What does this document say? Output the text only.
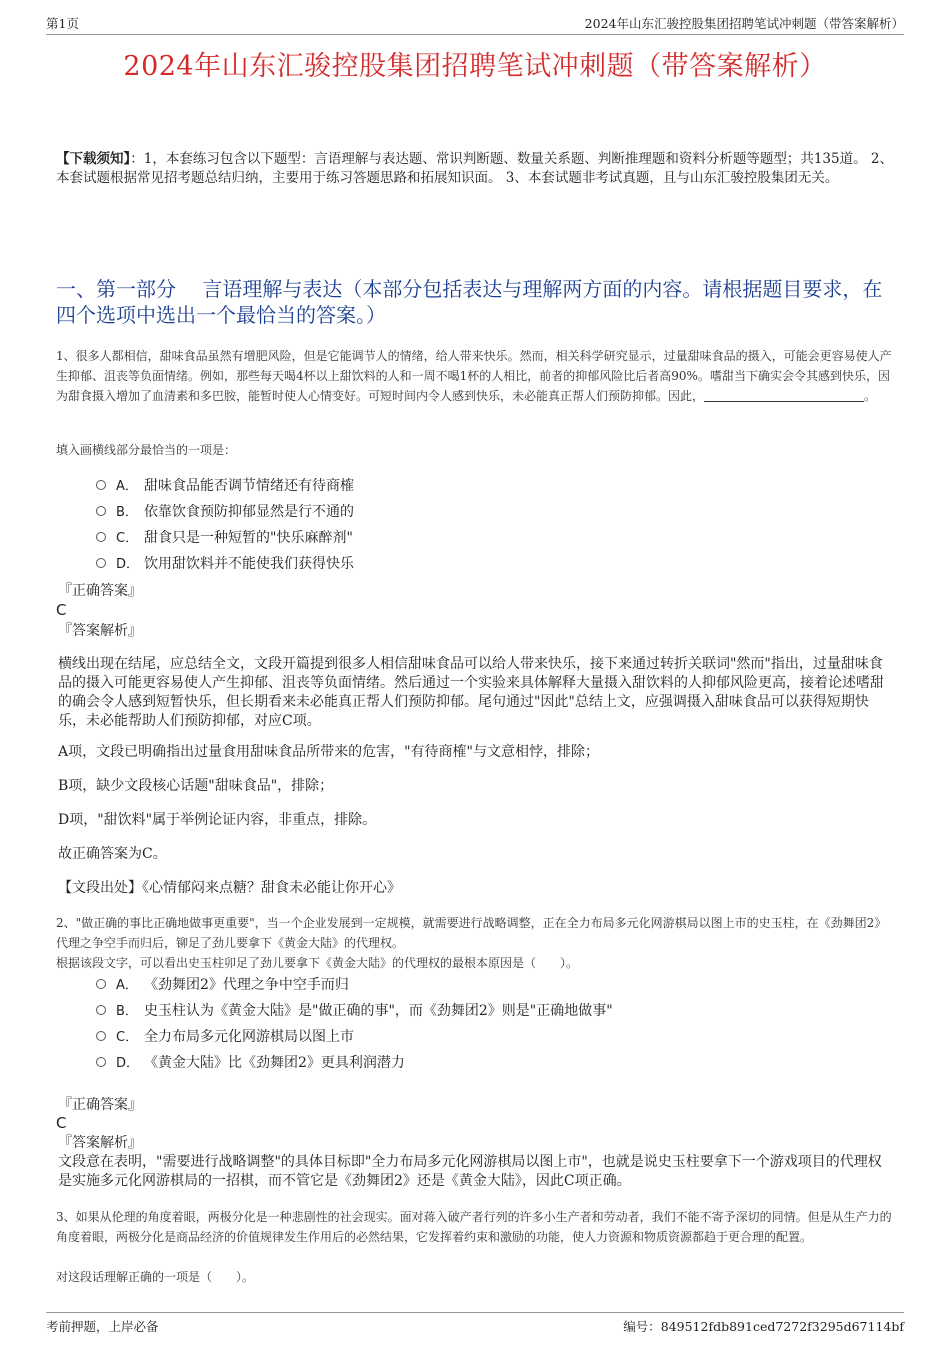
第1页	2024年山东汇骏控股集团招聘笔试冲刺题（带答案解析）
2024年山东汇骏控股集团招聘笔试冲刺题（带答案解析）

【下载须知】：1，本套练习包含以下题型：言语理解与表达题、常识判断题、数量关系题、判断推理题和资料分析题等题型；共135道。 2、本套试题根据常见招考题总结归纳，主要用于练习答题思路和拓展知识面。 3、本套试题非考试真题，且与山东汇骏控股集团无关。

一、第一部分　 言语理解与表达（本部分包括表达与理解两方面的内容。请根据题目要求，在四个选项中选出一个最恰当的答案。）

1、很多人都相信，甜味食品虽然有增肥风险，但是它能调节人的情绪，给人带来快乐。然而，相关科学研究显示，过量甜味食品的摄入，可能会更容易使人产生抑郁、沮丧等负面情绪。例如，那些每天喝4杯以上甜饮料的人和一周不喝1杯的人相比，前者的抑郁风险比后者高90%。嗜甜当下确实会令其感到快乐，因为甜食摄入增加了血清素和多巴胺，能暂时使人心情变好。可短时间内令人感到快乐，未必能真正帮人们预防抑郁。因此，	。

填入画横线部分最恰当的一项是：

A． 甜味食品能否调节情绪还有待商榷
B． 依靠饮食预防抑郁显然是行不通的
C． 甜食只是一种短暂的"快乐麻醉剂"
D． 饮用甜饮料并不能使我们获得快乐
『正确答案』
C
『答案解析』

横线出现在结尾，应总结全文，文段开篇提到很多人相信甜味食品可以给人带来快乐，接下来通过转折关联词"然而"指出，过量甜味食品的摄入可能更容易使人产生抑郁、沮丧等负面情绪。然后通过一个实验来具体解释大量摄入甜饮料的人抑郁风险更高，接着论述嗜甜的确会令人感到短暂快乐，但长期看来未必能真正帮人们预防抑郁。尾句通过"因此"总结上文，应强调摄入甜味食品可以获得短期快乐，未必能帮助人们预防抑郁，对应C项。

A项，文段已明确指出过量食用甜味食品所带来的危害，"有待商榷"与文意相悖，排除；

B项，缺少文段核心话题"甜味食品"，排除；

D项，"甜饮料"属于举例论证内容，非重点，排除。

故正确答案为C。

【文段出处】《心情郁闷来点糖？甜食未必能让你开心》

2、"做正确的事比正确地做事更重要"，当一个企业发展到一定规模，就需要进行战略调整，正在全力布局多元化网游棋局以图上市的史玉柱，在《劲舞团2》代理之争空手而归后，铆足了劲儿要拿下《黄金大陆》的代理权。

根据该段文字，可以看出史玉柱卯足了劲儿要拿下《黄金大陆》的代理权的最根本原因是（　　）。

A． 《劲舞团2》代理之争中空手而归
B． 史玉柱认为《黄金大陆》是"做正确的事"，而《劲舞团2》则是"正确地做事"
C． 全力布局多元化网游棋局以图上市
D． 《黄金大陆》比《劲舞团2》更具利润潜力
『正确答案』
C
『答案解析』

文段意在表明，"需要进行战略调整"的具体目标即"全力布局多元化网游棋局以图上市"，也就是说史玉柱要拿下一个游戏项目的代理权是实施多元化网游棋局的一招棋，而不管它是《劲舞团2》还是《黄金大陆》，因此C项正确。

3、如果从伦理的角度着眼，两极分化是一种悲剧性的社会现实。面对蒋入破产者行列的许多小生产者和劳动者，我们不能不寄予深切的同情。但是从生产力的角度着眼，两极分化是商品经济的价值规律发生作用后的必然结果，它发挥着约束和激励的功能，使人力资源和物质资源都趋于更合理的配置。

对这段话理解正确的一项是（　　）。

考前押题，上岸必备	编号：849512fdb891ced7272f3295d67114bf
